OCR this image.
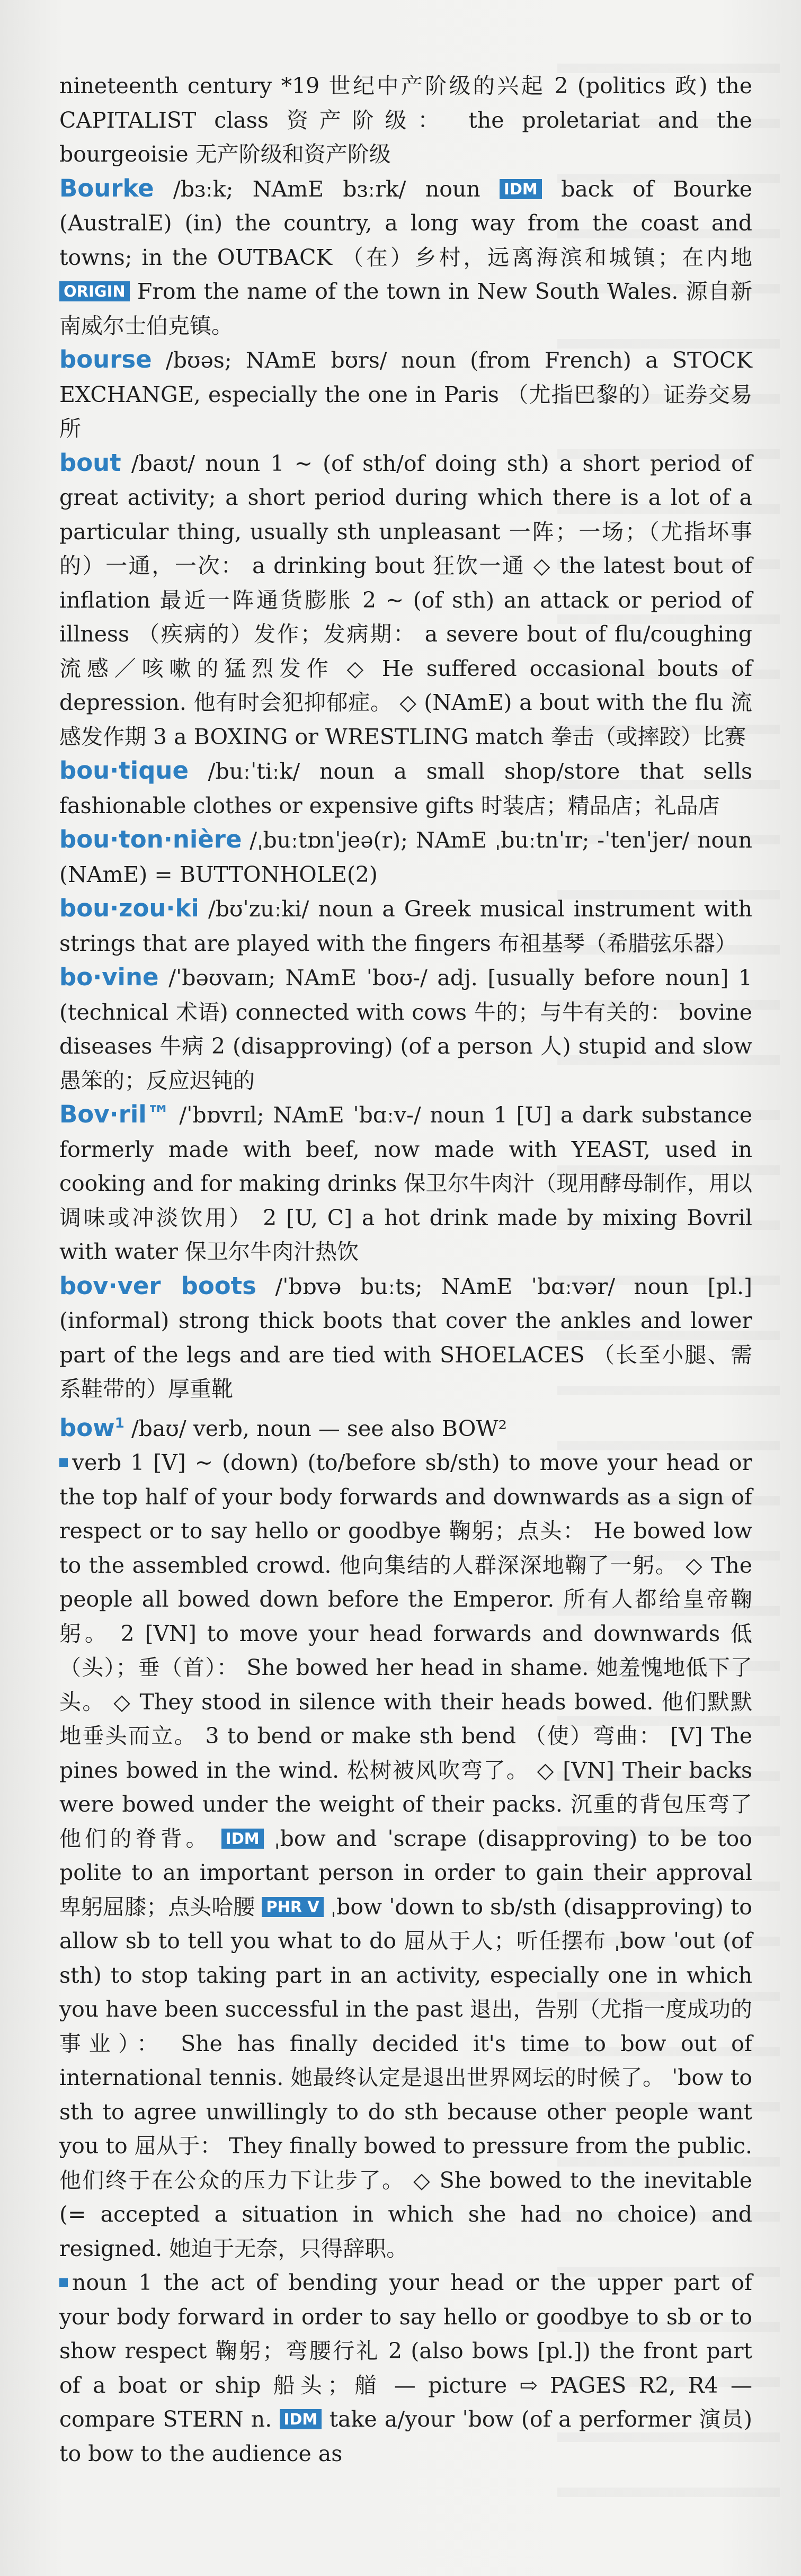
nineteenth century *19 世纪中产阶级的兴起 2 (politics 政) the CAPITALIST class 资产阶级： the proletariat and the bourgeoisie 无产阶级和资产阶级

Bourke /bɜːk; NAmE bɜːrk/ noun IDM back of Bourke (AustralE) (in) the country, a long way from the coast and towns; in the OUTBACK （在）乡村，远离海滨和城镇；在内地 ORIGIN From the name of the town in New South Wales. 源自新南威尔士伯克镇。

bourse /bʊəs; NAmE bʊrs/ noun (from French) a STOCK EXCHANGE, especially the one in Paris （尤指巴黎的）证券交易所

bout /baʊt/ noun 1 ~ (of sth/of doing sth) a short period of great activity; a short period during which there is a lot of a particular thing, usually sth unpleasant 一阵；一场；（尤指坏事的）一通，一次： a drinking bout 狂饮一通 ◇ the latest bout of inflation 最近一阵通货膨胀 2 ~ (of sth) an attack or period of illness （疾病的）发作；发病期： a severe bout of flu/coughing 流感／咳嗽的猛烈发作 ◇ He suffered occasional bouts of depression. 他有时会犯抑郁症。 ◇ (NAmE) a bout with the flu 流感发作期 3 a BOXING or WRESTLING match 拳击（或摔跤）比赛

bou·tique /buːˈtiːk/ noun a small shop/store that sells fashionable clothes or expensive gifts 时装店；精品店；礼品店

bou·ton·nière /ˌbuːtɒnˈjeə(r); NAmE ˌbuːtnˈɪr; -ˈtenˈjer/ noun (NAmE) = BUTTONHOLE(2)

bou·zou·ki /bʊˈzuːki/ noun a Greek musical instrument with strings that are played with the fingers 布祖基琴（希腊弦乐器）

bo·vine /ˈbəʊvaɪn; NAmE ˈboʊ-/ adj. [usually before noun] 1 (technical 术语) connected with cows 牛的；与牛有关的： bovine diseases 牛病 2 (disapproving) (of a person 人) stupid and slow 愚笨的；反应迟钝的

Bov·ril™ /ˈbɒvrɪl; NAmE ˈbɑːv-/ noun 1 [U] a dark substance formerly made with beef, now made with YEAST, used in cooking and for making drinks 保卫尔牛肉汁（现用酵母制作，用以调味或冲淡饮用） 2 [U, C] a hot drink made by mixing Bovril with water 保卫尔牛肉汁热饮

bov·ver boots /ˈbɒvə buːts; NAmE ˈbɑːvər/ noun [pl.] (informal) strong thick boots that cover the ankles and lower part of the legs and are tied with SHOELACES （长至小腿、需系鞋带的）厚重靴

bow$^1$ /baʊ/ verb, noun — see also BOW²

verb 1 [V] ~ (down) (to/before sb/sth) to move your head or the top half of your body forwards and downwards as a sign of respect or to say hello or goodbye 鞠躬；点头： He bowed low to the assembled crowd. 他向集结的人群深深地鞠了一躬。 ◇ The people all bowed down before the Emperor. 所有人都给皇帝鞠躬。 2 [VN] to move your head forwards and downwards 低（头）；垂（首）： She bowed her head in shame. 她羞愧地低下了头。 ◇ They stood in silence with their heads bowed. 他们默默地垂头而立。 3 to bend or make sth bend （使）弯曲： [V] The pines bowed in the wind. 松树被风吹弯了。 ◇ [VN] Their backs were bowed under the weight of their packs. 沉重的背包压弯了他们的脊背。 IDM ˌbow and ˈscrape (disapproving) to be too polite to an important person in order to gain their approval 卑躬屈膝；点头哈腰 PHR V ˌbow ˈdown to sb/sth (disapproving) to allow sb to tell you what to do 屈从于人；听任摆布 ˌbow ˈout (of sth) to stop taking part in an activity, especially one in which you have been successful in the past 退出，告别（尤指一度成功的事业）： She has finally decided it's time to bow out of international tennis. 她最终认定是退出世界网坛的时候了。 ˈbow to sth to agree unwillingly to do sth because other people want you to 屈从于： They finally bowed to pressure from the public. 他们终于在公众的压力下让步了。 ◇ She bowed to the inevitable (= accepted a situation in which she had no choice) and resigned. 她迫于无奈，只得辞职。

noun 1 the act of bending your head or the upper part of your body forward in order to say hello or goodbye to sb or to show respect 鞠躬；弯腰行礼 2 (also bows [pl.]) the front part of a boat or ship 船头；艏 — picture ⇨ PAGES R2, R4 — compare STERN n. IDM take a/your ˈbow (of a performer 演员) to bow to the audience as
